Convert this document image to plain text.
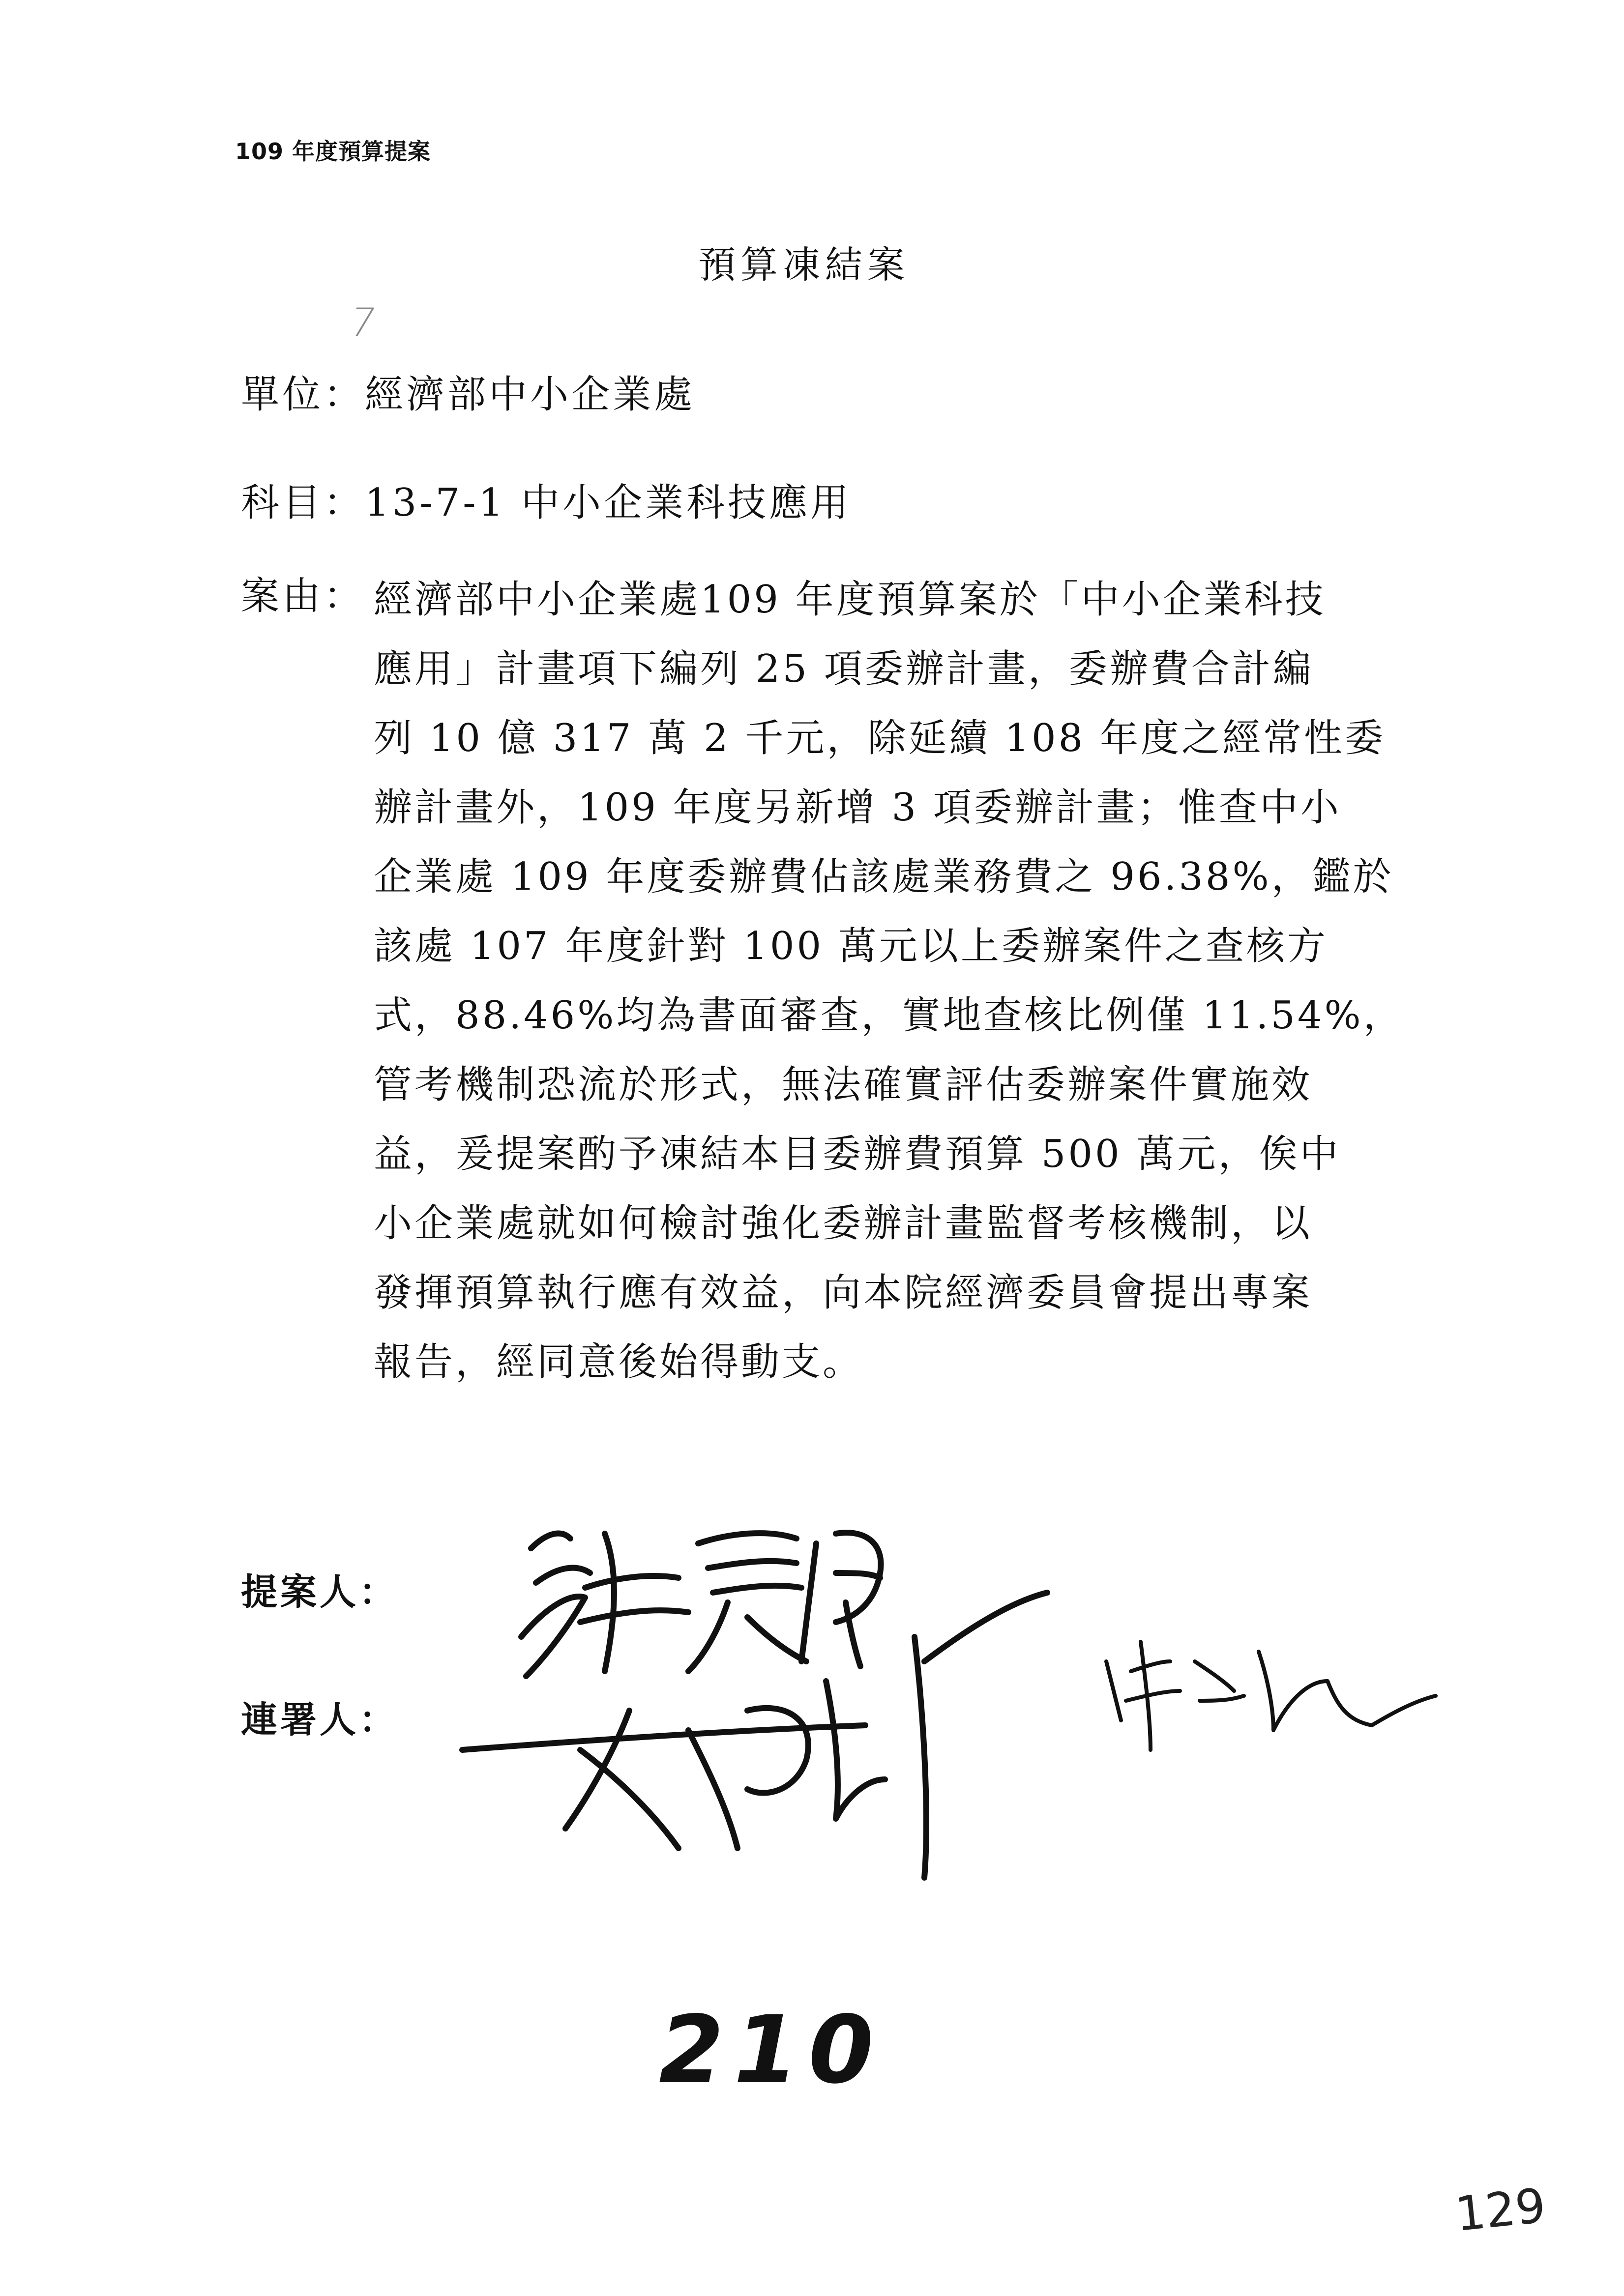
109 年度預算提案
預算凍結案
7
單位：經濟部中小企業處
科目：13-7-1 中小企業科技應用
案由： 經濟部中小企業處109 年度預算案於「中小企業科技
應用」計畫項下編列 25 項委辦計畫，委辦費合計編
列 10 億 317 萬 2 千元，除延續 108 年度之經常性委
辦計畫外，109 年度另新增 3 項委辦計畫；惟查中小
企業處 109 年度委辦費佔該處業務費之 96.38%，鑑於
該處 107 年度針對 100 萬元以上委辦案件之查核方
式，88.46%均為書面審查，實地查核比例僅 11.54%，
管考機制恐流於形式，無法確實評估委辦案件實施效
益，爰提案酌予凍結本目委辦費預算 500 萬元，俟中
小企業處就如何檢討強化委辦計畫監督考核機制，以
發揮預算執行應有效益，向本院經濟委員會提出專案
報告，經同意後始得動支。
提案人：
連署人：
210
129
